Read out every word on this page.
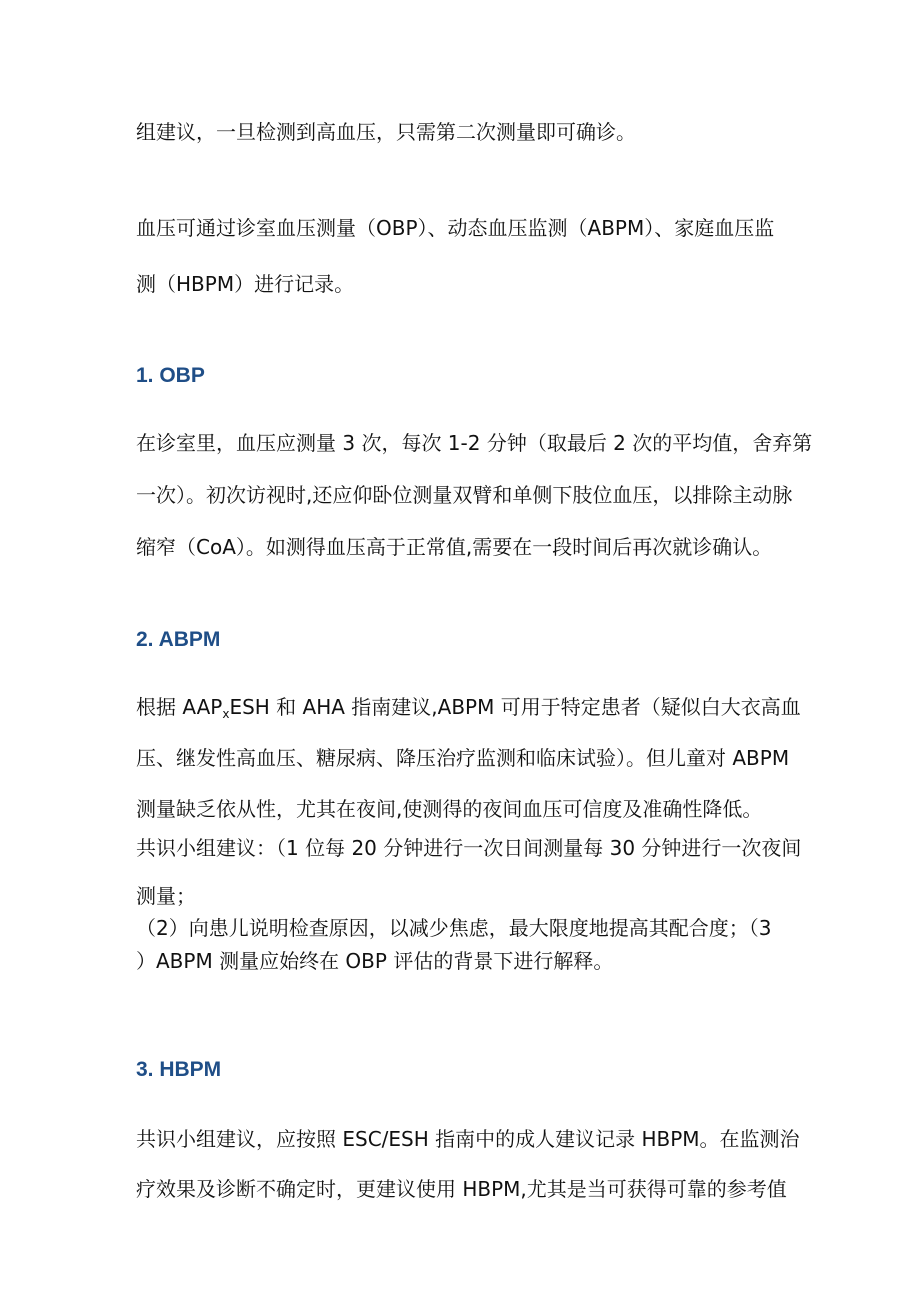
组建议，一旦检测到高血压，只需第二次测量即可确诊。

血压可通过诊室血压测量（OBP）、动态血压监测（ABPM）、家庭血压监
测（HBPM）进行记录。

1. OBP

在诊室里，血压应测量 3 次，每次 1-2 分钟（取最后 2 次的平均值，舍弃第
一次）。初次访视时,还应仰卧位测量双臂和单侧下肢位血压，以排除主动脉
缩窄（CoA）。如测得血压高于正常值,需要在一段时间后再次就诊确认。

2. ABPM

根据 $AAP_xESH$ 和 AHA 指南建议,ABPM 可用于特定患者（疑似白大衣高血
压、继发性高血压、糖尿病、降压治疗监测和临床试验）。但儿童对 ABPM
测量缺乏依从性，尤其在夜间,使测得的夜间血压可信度及准确性降低。
共识小组建议：（1 位每 20 分钟进行一次日间测量每 30 分钟进行一次夜间
测量；
（2）向患儿说明检查原因，以减少焦虑，最大限度地提高其配合度；（3
）ABPM 测量应始终在 OBP 评估的背景下进行解释。

3. HBPM

共识小组建议，应按照 ESC/ESH 指南中的成人建议记录 HBPM。在监测治
疗效果及诊断不确定时，更建议使用 HBPM,尤其是当可获得可靠的参考值
